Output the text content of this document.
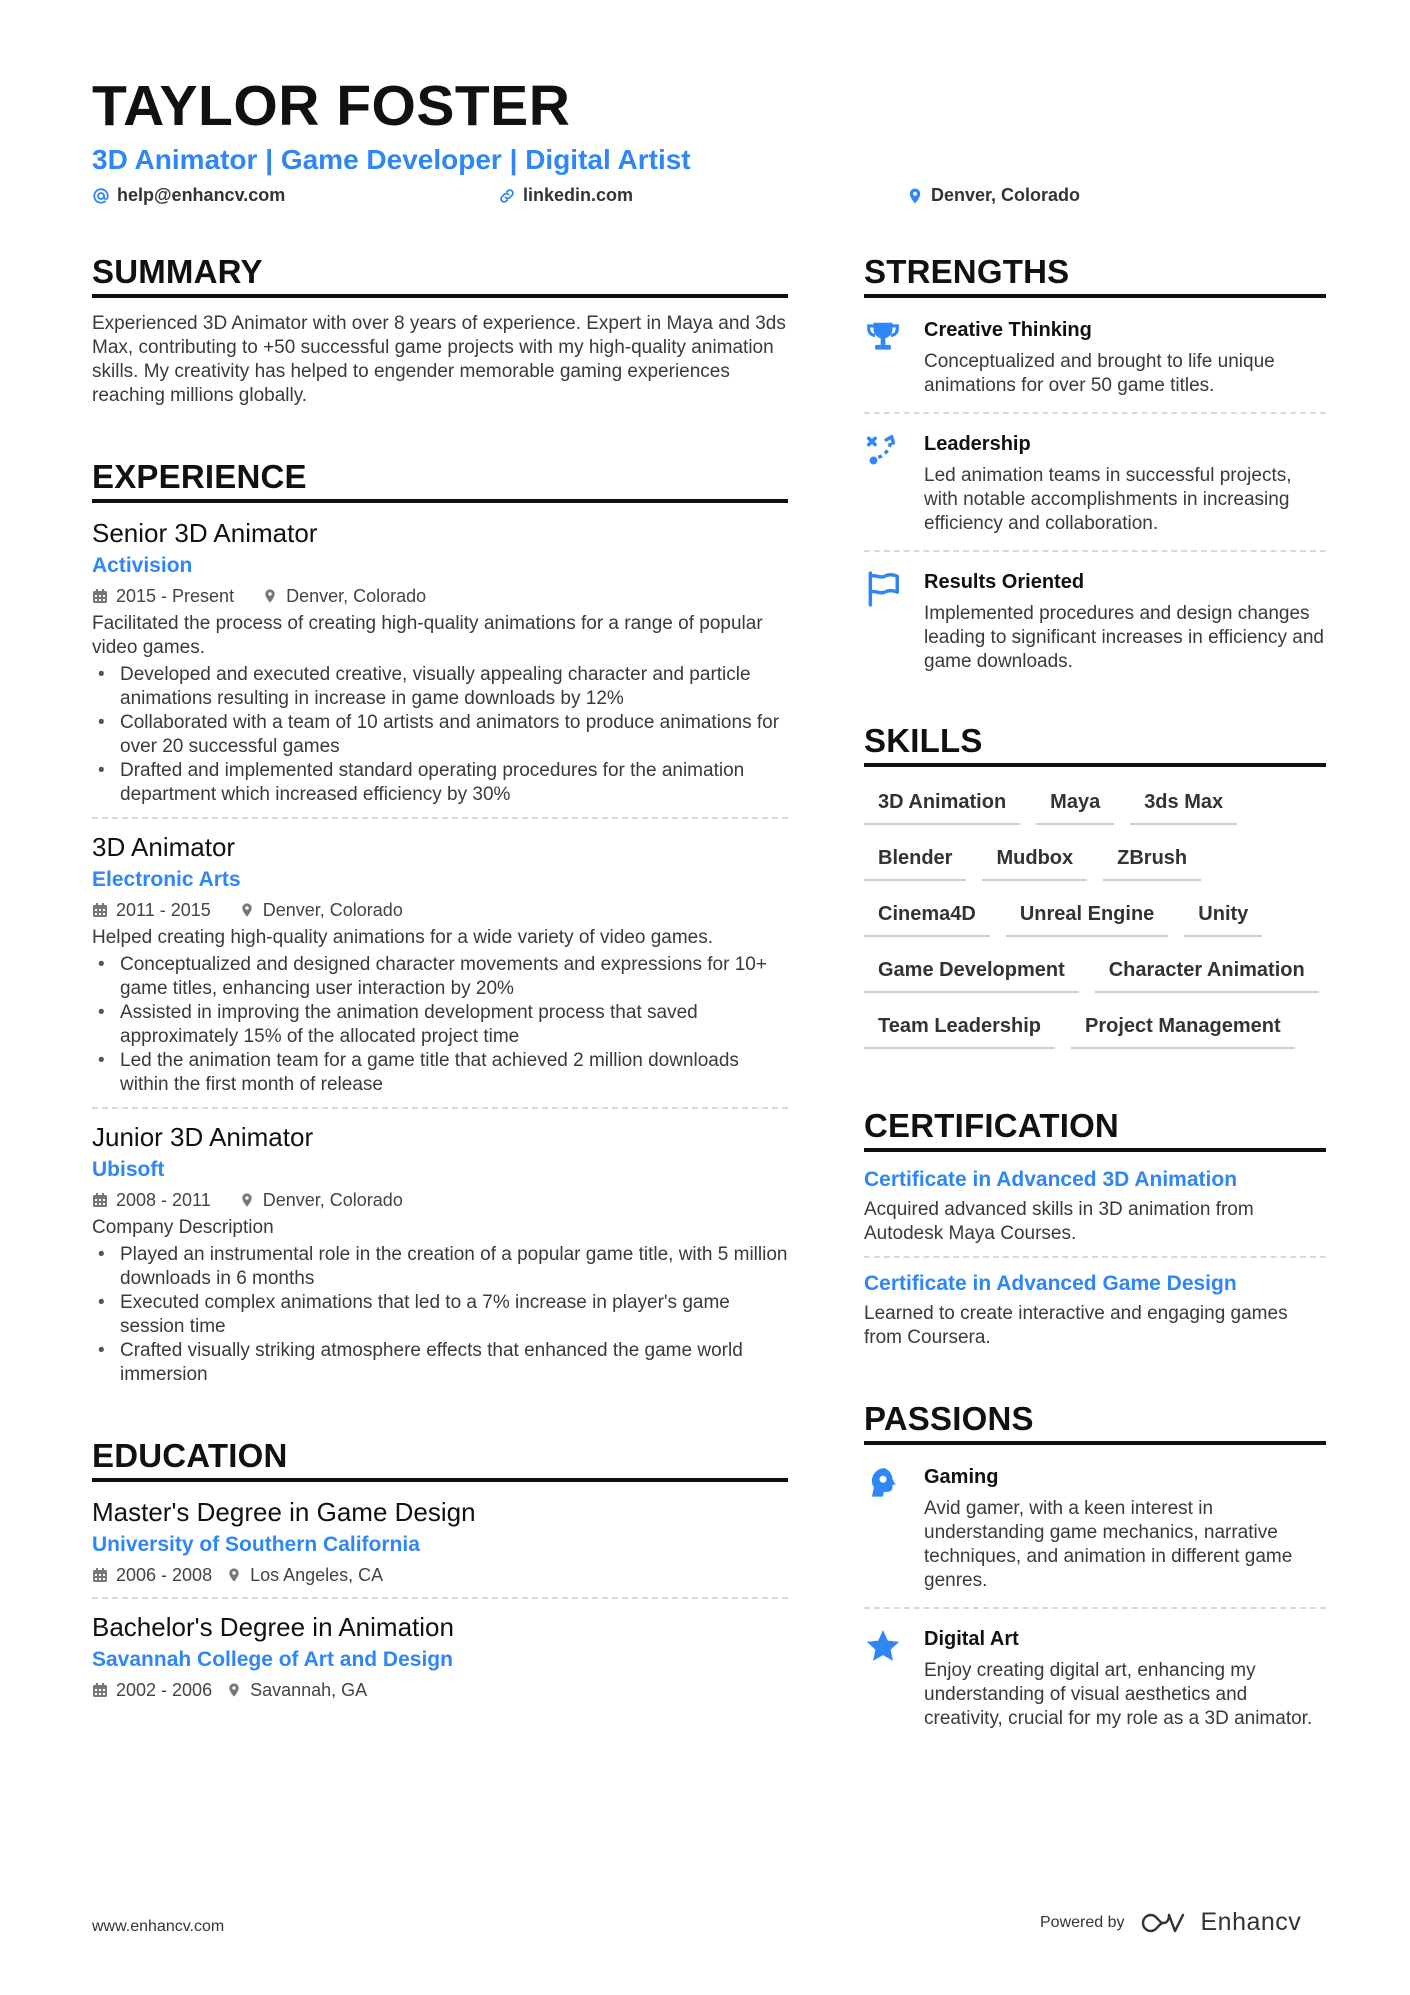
TAYLOR FOSTER
3D Animator | Game Developer | Digital Artist
help@enhancv.com	linkedin.com	Denver, Colorado
SUMMARY
Experienced 3D Animator with over 8 years of experience. Expert in Maya and 3ds Max, contributing to +50 successful game projects with my high-quality animation skills. My creativity has helped to engender memorable gaming experiences reaching millions globally.
EXPERIENCE
Senior 3D Animator
Activision
2015 - Present	Denver, Colorado
Facilitated the process of creating high-quality animations for a range of popular video games.
• Developed and executed creative, visually appealing character and particle animations resulting in increase in game downloads by 12%
• Collaborated with a team of 10 artists and animators to produce animations for over 20 successful games
• Drafted and implemented standard operating procedures for the animation department which increased efficiency by 30%
3D Animator
Electronic Arts
2011 - 2015	Denver, Colorado
Helped creating high-quality animations for a wide variety of video games.
• Conceptualized and designed character movements and expressions for 10+ game titles, enhancing user interaction by 20%
• Assisted in improving the animation development process that saved approximately 15% of the allocated project time
• Led the animation team for a game title that achieved 2 million downloads within the first month of release
Junior 3D Animator
Ubisoft
2008 - 2011	Denver, Colorado
Company Description
• Played an instrumental role in the creation of a popular game title, with 5 million downloads in 6 months
• Executed complex animations that led to a 7% increase in player's game session time
• Crafted visually striking atmosphere effects that enhanced the game world immersion
EDUCATION
Master's Degree in Game Design
University of Southern California
2006 - 2008 Los Angeles, CA
Bachelor's Degree in Animation
Savannah College of Art and Design
2002 - 2006 Savannah, GA
STRENGTHS
Creative Thinking
Conceptualized and brought to life unique animations for over 50 game titles.
Leadership
Led animation teams in successful projects, with notable accomplishments in increasing efficiency and collaboration.
Results Oriented
Implemented procedures and design changes leading to significant increases in efficiency and game downloads.
SKILLS
3D Animation	Maya	3ds Max
Blender	Mudbox	ZBrush
Cinema4D	Unreal Engine	Unity
Game Development	Character Animation
Team Leadership	Project Management
CERTIFICATION
Certificate in Advanced 3D Animation
Acquired advanced skills in 3D animation from Autodesk Maya Courses.
Certificate in Advanced Game Design
Learned to create interactive and engaging games from Coursera.
PASSIONS
Gaming
Avid gamer, with a keen interest in understanding game mechanics, narrative techniques, and animation in different game genres.
Digital Art
Enjoy creating digital art, enhancing my understanding of visual aesthetics and creativity, crucial for my role as a 3D animator.
www.enhancv.com	Powered by	Enhancv
